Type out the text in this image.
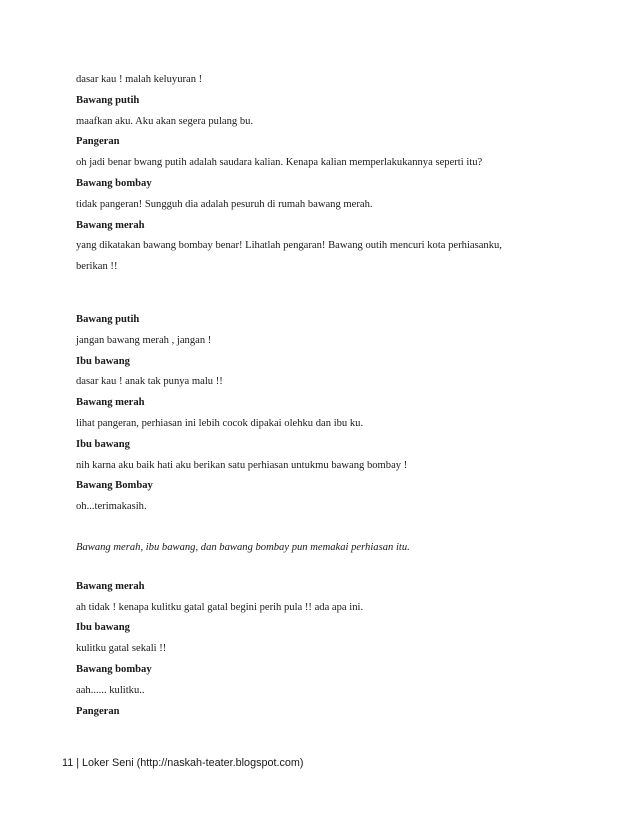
dasar kau ! malah keluyuran !
Bawang putih
maafkan aku. Aku akan segera pulang bu.
Pangeran
oh jadi benar bwang putih adalah saudara kalian. Kenapa kalian memperlakukannya seperti itu?
Bawang bombay
tidak pangeran! Sungguh dia adalah pesuruh di rumah bawang merah.
Bawang merah
yang dikatakan bawang bombay benar! Lihatlah pengaran! Bawang outih mencuri kota perhiasanku,
berikan !!
Bawang putih
jangan bawang merah , jangan !
Ibu bawang
dasar kau ! anak tak punya malu !!
Bawang merah
lihat pangeran, perhiasan ini lebih cocok dipakai olehku dan ibu ku.
Ibu bawang
nih karna aku baik hati aku berikan satu perhiasan untukmu bawang bombay !
Bawang Bombay
oh...terimakasih.
Bawang merah, ibu bawang, dan bawang bombay pun memakai perhiasan itu.
Bawang merah
ah tidak ! kenapa kulitku gatal gatal begini perih pula !! ada apa ini.
Ibu bawang
kulitku gatal sekali !!
Bawang bombay
aah...... kulitku..
Pangeran
11 | Loker Seni (http://naskah-teater.blogspot.com)
